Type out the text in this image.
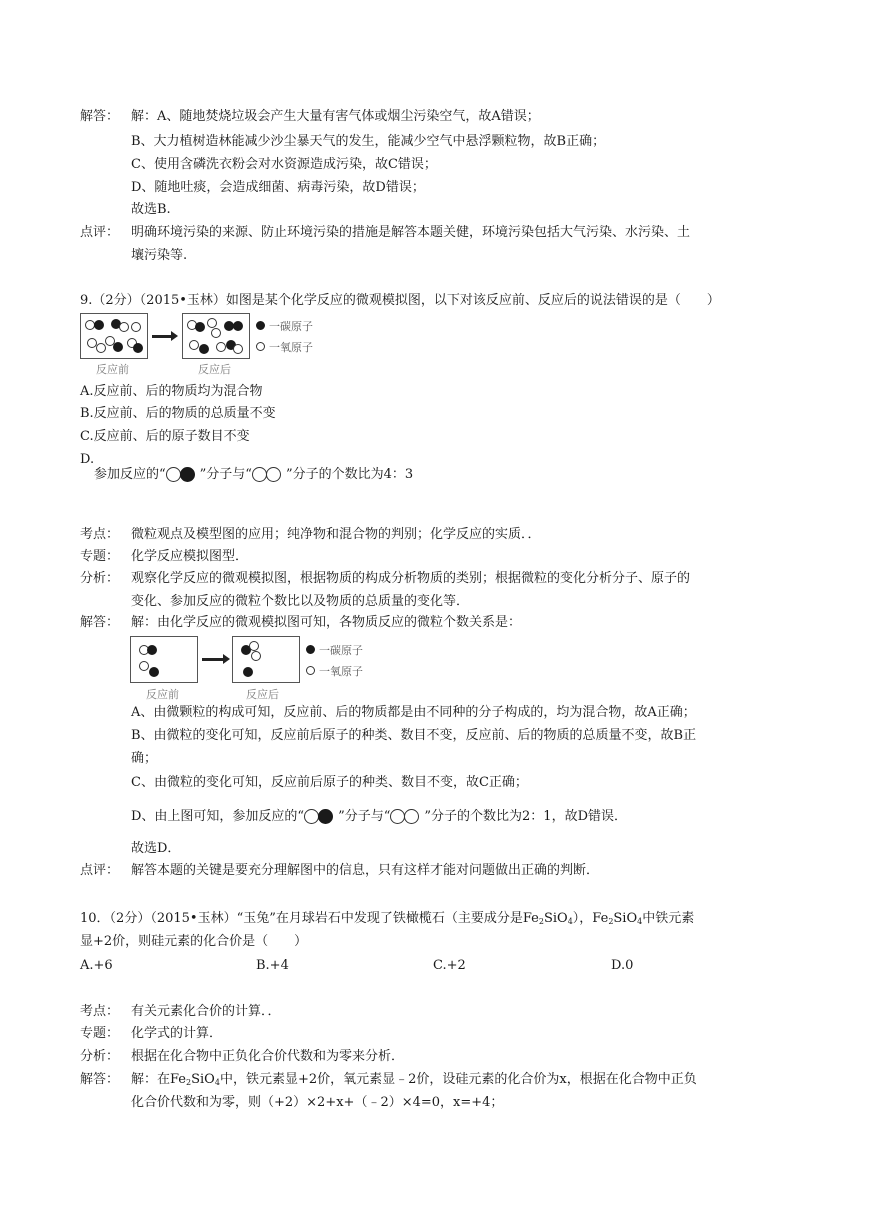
解答： 解：A、随地焚烧垃圾会产生大量有害气体或烟尘污染空气，故A错误；
B、大力植树造林能减少沙尘暴天气的发生，能减少空气中悬浮颗粒物，故B正确；
C、使用含磷洗衣粉会对水资源造成污染，故C错误；
D、随地吐痰，会造成细菌、病毒污染，故D错误；
故选B.
点评： 明确环境污染的来源、防止环境污染的措施是解答本题关健，环境污染包括大气污染、水污染、土
壤污染等.
9.（2分）（2015•玉林）如图是某个化学反应的微观模拟图，以下对该反应前、反应后的说法错误的是（　　）
反应前	反应后
一碳原子
一氧原子
A.反应前、后的物质均为混合物
B.反应前、后的物质的总质量不变
C.反应前、后的原子数目不变
D.
参加反应的“	”分子与“	”分子的个数比为4：3
考点： 微粒观点及模型图的应用；纯净物和混合物的判别；化学反应的实质．．
专题： 化学反应模拟图型．
分析： 观察化学反应的微观模拟图，根据物质的构成分析物质的类别；根据微粒的变化分析分子、原子的
变化、参加反应的微粒个数比以及物质的总质量的变化等．
解答： 解：由化学反应的微观模拟图可知，各物质反应的微粒个数关系是：
反应前	反应后
一碳原子
一氧原子
A、由微颗粒的构成可知，反应前、后的物质都是由不同种的分子构成的，均为混合物，故A正确；
B、由微粒的变化可知，反应前后原子的种类、数目不变，反应前、后的物质的总质量不变，故B正
确；
C、由微粒的变化可知，反应前后原子的种类、数目不变，故C正确；
D、由上图可知，参加反应的“	”分子与“	”分子的个数比为2：1，故D错误．
故选D．
点评： 解答本题的关键是要充分理解图中的信息，只有这样才能对问题做出正确的判断．
10．（2分）（2015•玉林）“玉兔”在月球岩石中发现了铁橄榄石（主要成分是$Fe_2SiO_4$），$Fe_2SiO_4$中铁元素
显+2价，则硅元素的化合价是（　　）
A.+6	B.+4	C.+2	D.0
考点： 有关元素化合价的计算．．
专题： 化学式的计算．
分析： 根据在化合物中正负化合价代数和为零来分析．
解答： 解：在$Fe_2SiO_4$中，铁元素显+2价，氧元素显﹣2价，设硅元素的化合价为x，根据在化合物中正负
化合价代数和为零，则（+2）×2+x+（﹣2）×4=0，x=+4；
